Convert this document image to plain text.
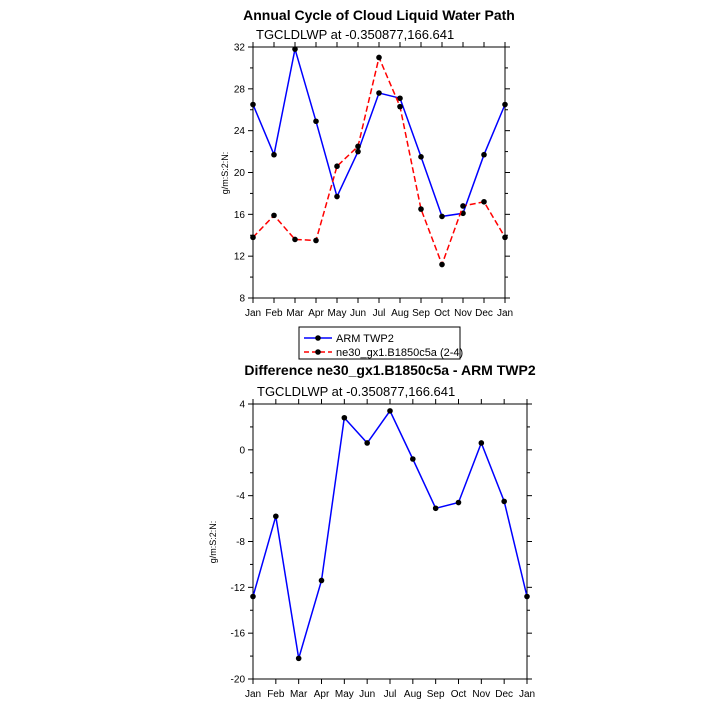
Annual Cycle of Cloud Liquid Water Path
TGCLDLWP at -0.350877,166.641
g/m:S:2:N:
8
12
16
20
24
28
32
Jan Feb Mar Apr May Jun Jul Aug Sep Oct Nov Dec Jan
ARM TWP2
ne30_gx1.B1850c5a (2-4)
Difference ne30_gx1.B1850c5a - ARM TWP2
TGCLDLWP at -0.350877,166.641
g/m:S:2:N:
-20
-16
-12
-8
-4
0
4
Jan Feb Mar Apr May Jun Jul Aug Sep Oct Nov Dec Jan
